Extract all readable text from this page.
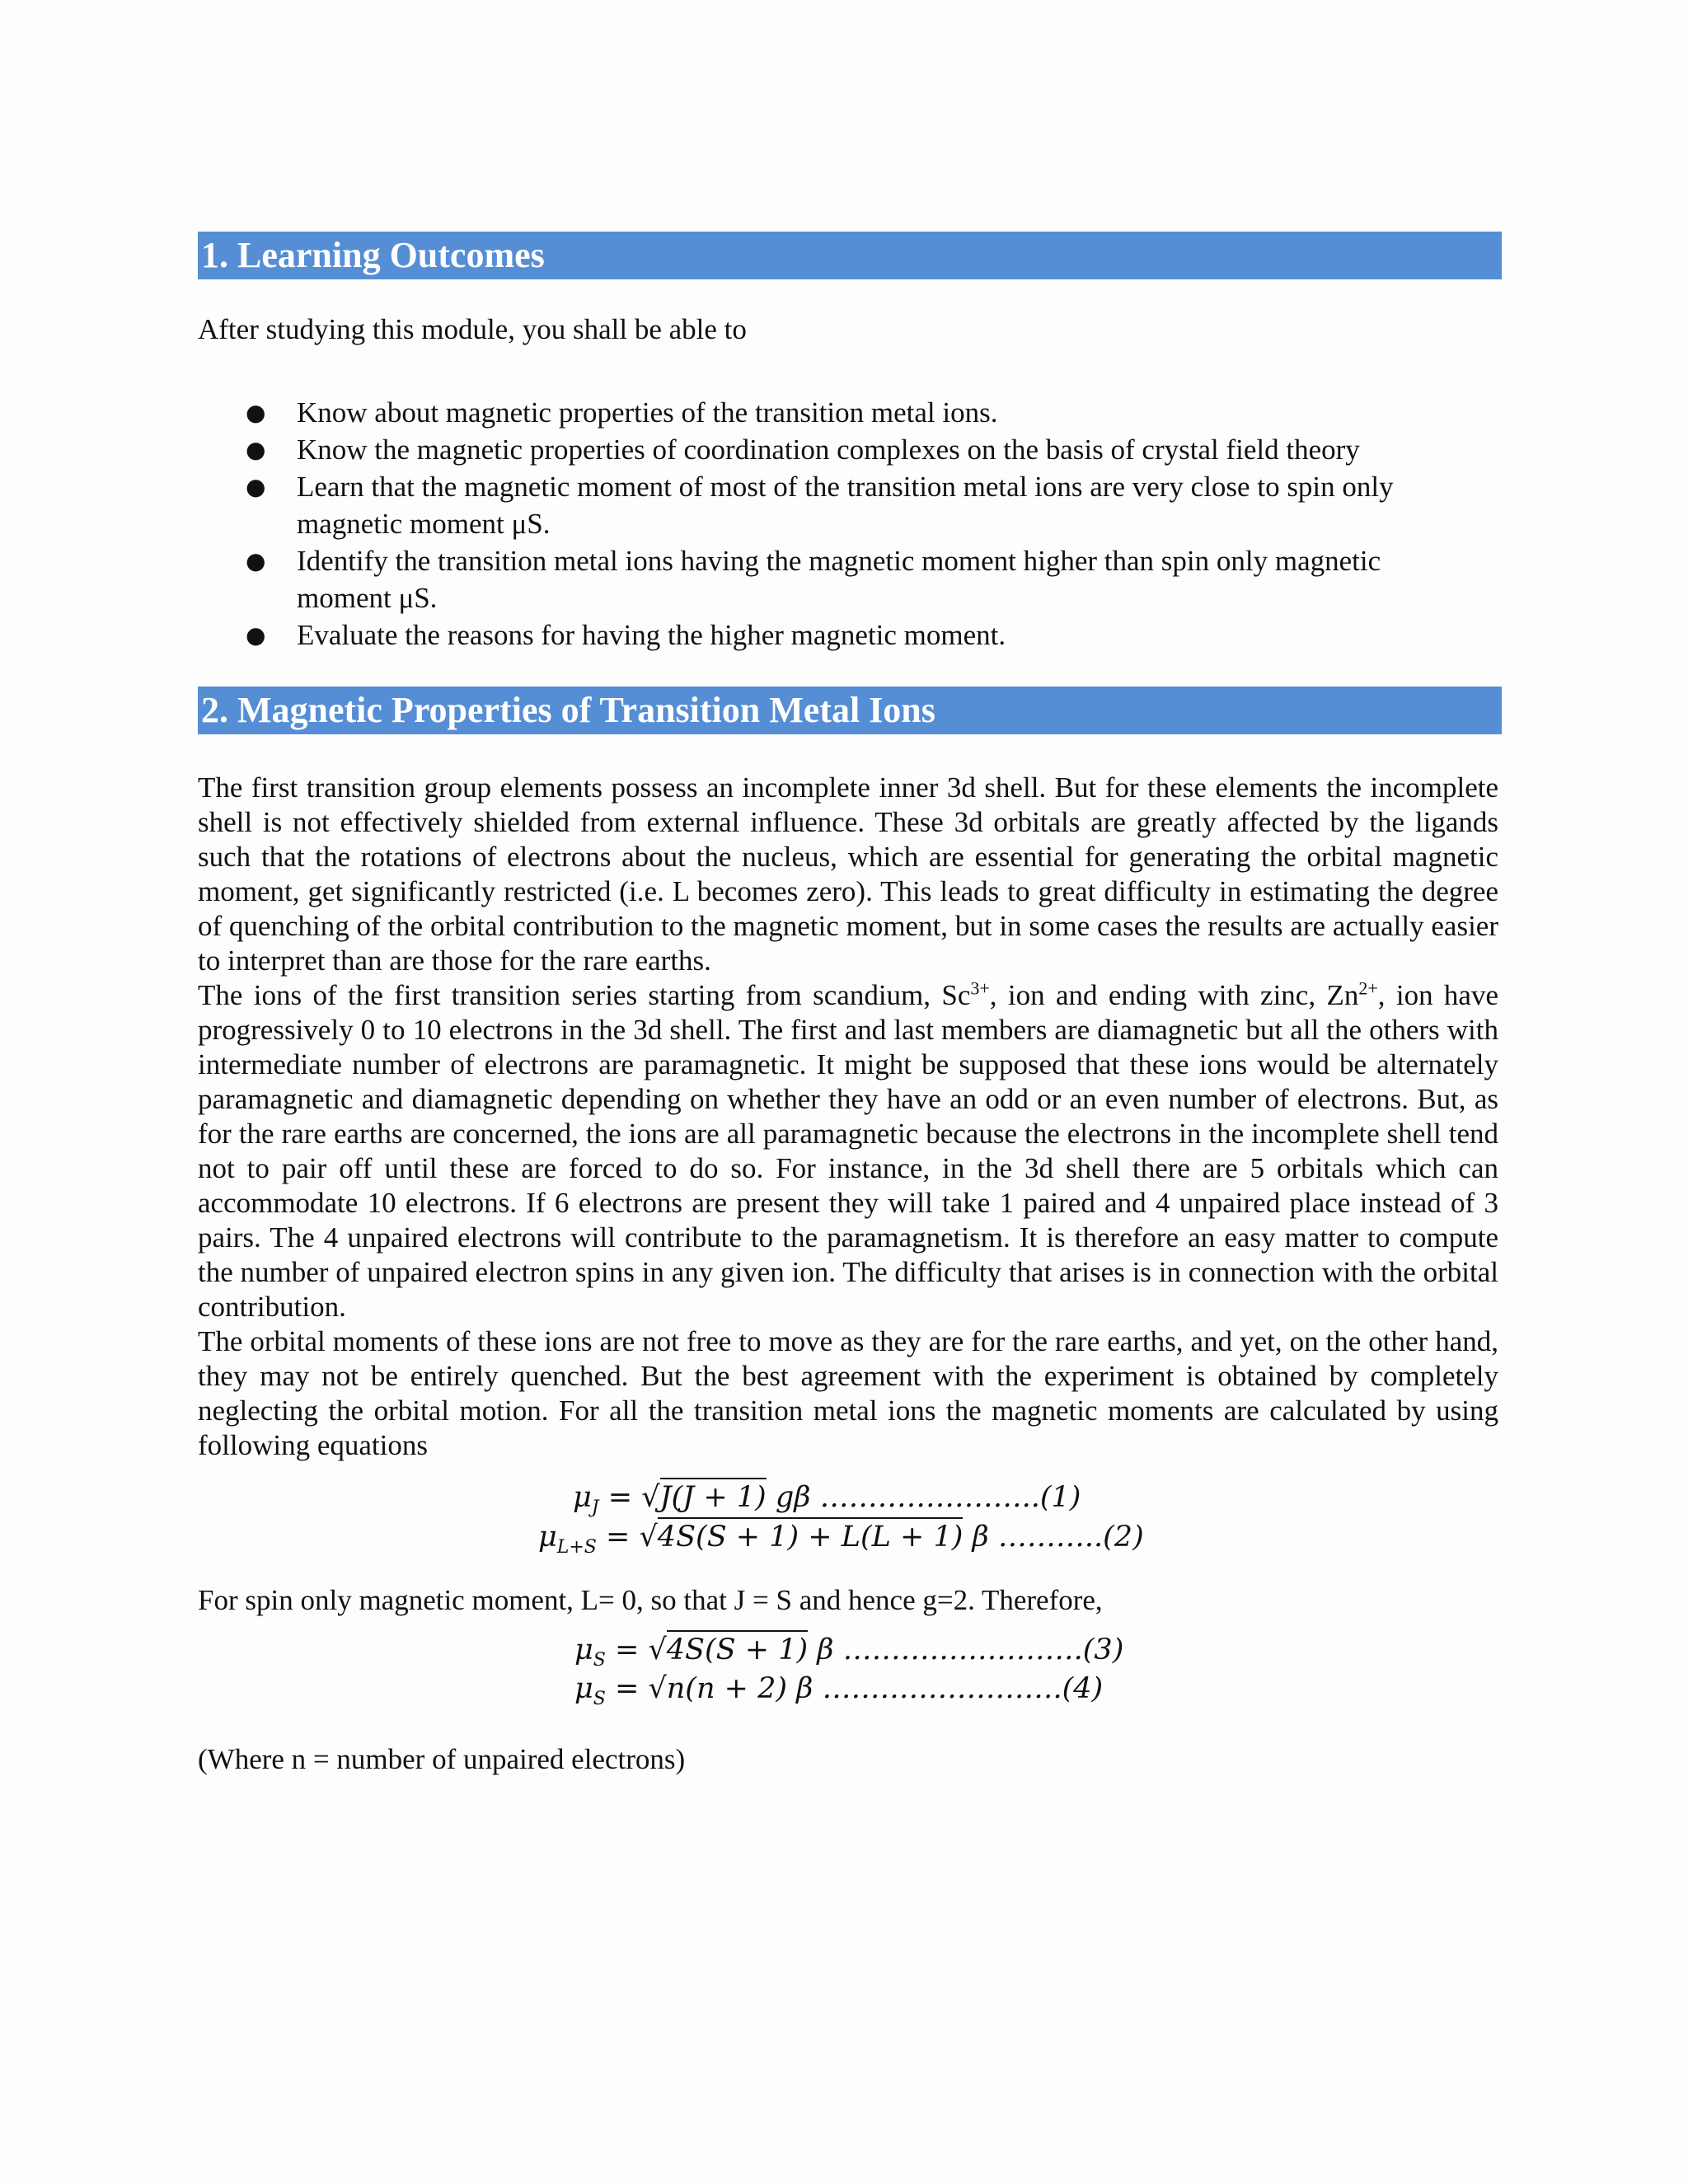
1. Learning Outcomes
After studying this module, you shall be able to
● Know about magnetic properties of the transition metal ions.
● Know the magnetic properties of coordination complexes on the basis of crystal field theory
● Learn that the magnetic moment of most of the transition metal ions are very close to spin only magnetic moment μS.
● Identify the transition metal ions having the magnetic moment higher than spin only magnetic moment μS.
● Evaluate the reasons for having the higher magnetic moment.
2. Magnetic Properties of Transition Metal Ions
The first transition group elements possess an incomplete inner 3d shell. But for these elements the incomplete shell is not effectively shielded from external influence. These 3d orbitals are greatly affected by the ligands such that the rotations of electrons about the nucleus, which are essential for generating the orbital magnetic moment, get significantly restricted (i.e. L becomes zero). This leads to great difficulty in estimating the degree of quenching of the orbital contribution to the magnetic moment, but in some cases the results are actually easier to interpret than are those for the rare earths.
The ions of the first transition series starting from scandium, $Sc^{3+}$, ion and ending with zinc, $Zn^{2+}$, ion have progressively 0 to 10 electrons in the 3d shell. The first and last members are diamagnetic but all the others with intermediate number of electrons are paramagnetic. It might be supposed that these ions would be alternately paramagnetic and diamagnetic depending on whether they have an odd or an even number of electrons. But, as for the rare earths are concerned, the ions are all paramagnetic because the electrons in the incomplete shell tend not to pair off until these are forced to do so. For instance, in the 3d shell there are 5 orbitals which can accommodate 10 electrons. If 6 electrons are present they will take 1 paired and 4 unpaired place instead of 3 pairs. The 4 unpaired electrons will contribute to the paramagnetism. It is therefore an easy matter to compute the number of unpaired electron spins in any given ion. The difficulty that arises is in connection with the orbital contribution.
The orbital moments of these ions are not free to move as they are for the rare earths, and yet, on the other hand, they may not be entirely quenched. But the best agreement with the experiment is obtained by completely neglecting the orbital motion. For all the transition metal ions the magnetic moments are calculated by using following equations
$\mu_J = √J(J + 1)$ gβ …………………..(1)
$\mu_{L+S} = √4S(S + 1) + L(L + 1)$ β ………..(2)
For spin only magnetic moment, L= 0, so that J = S and hence g=2. Therefore,
$\mu_S = √4S(S + 1)$ β …………………….(3)
$\mu_S = √n(n + 2)$ β …………………….(4)
(Where n = number of unpaired electrons)
